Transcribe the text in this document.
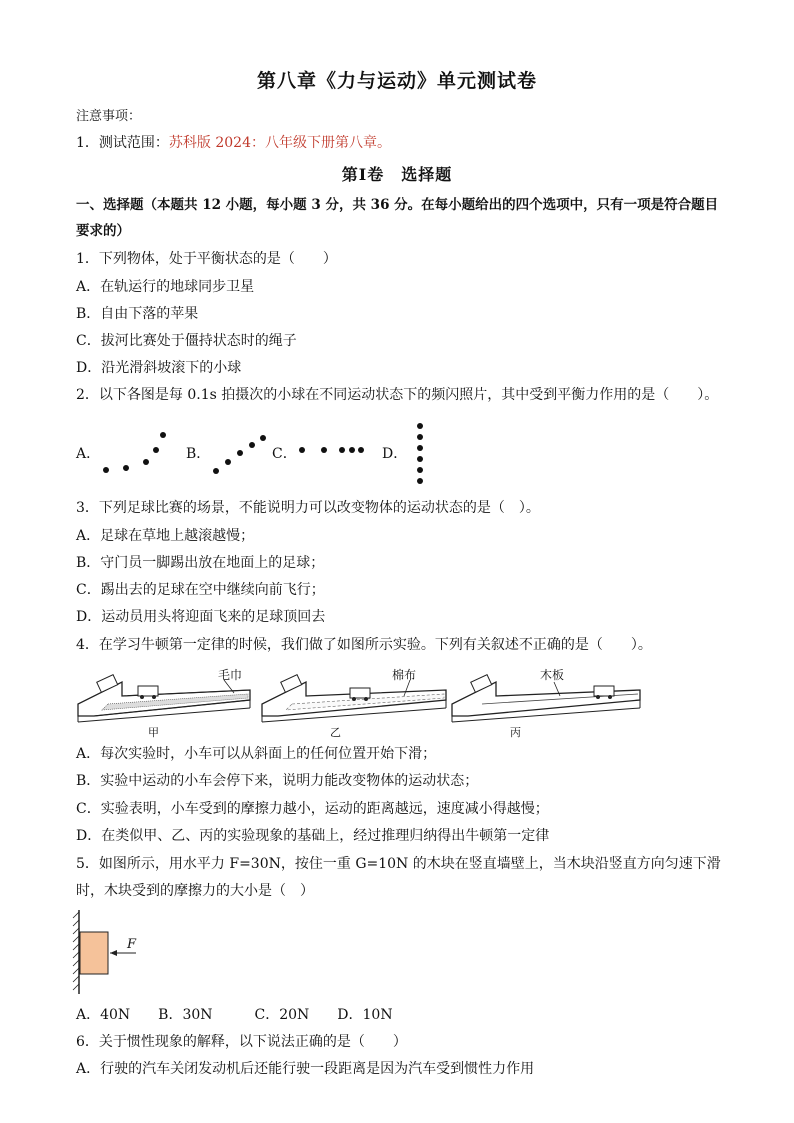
第八章《力与运动》单元测试卷
注意事项：
1．测试范围：苏科版 2024：八年级下册第八章。
第Ⅰ卷　选择题
一、选择题（本题共 12 小题，每小题 3 分，共 36 分。在每小题给出的四个选项中，只有一项是符合题目
要求的）
1．下列物体，处于平衡状态的是（　　）
A．在轨运行的地球同步卫星
B．自由下落的苹果
C．拔河比赛处于僵持状态时的绳子
D．沿光滑斜坡滚下的小球
2．以下各图是每 0.1s 拍摄次的小球在不同运动状态下的频闪照片，其中受到平衡力作用的是（　　）。
A．	B．	C．	D．
3．下列足球比赛的场景，不能说明力可以改变物体的运动状态的是（　）。
A．足球在草地上越滚越慢；
B．守门员一脚踢出放在地面上的足球；
C．踢出去的足球在空中继续向前飞行；
D．运动员用头将迎面飞来的足球顶回去
4．在学习牛顿第一定律的时候，我们做了如图所示实验。下列有关叙述不正确的是（　　）。
毛巾	棉布	木板
甲	乙	丙
A．每次实验时，小车可以从斜面上的任何位置开始下滑；
B．实验中运动的小车会停下来，说明力能改变物体的运动状态；
C．实验表明，小车受到的摩擦力越小，运动的距离越远，速度减小得越慢；
D．在类似甲、乙、丙的实验现象的基础上，经过推理归纳得出牛顿第一定律
5．如图所示，用水平力 F=30N，按住一重 G=10N 的木块在竖直墙壁上，当木块沿竖直方向匀速下滑
时，木块受到的摩擦力的大小是（　）
F
A．40N　　B．30N　　　C．20N　　D．10N
6．关于惯性现象的解释，以下说法正确的是（　　）
A．行驶的汽车关闭发动机后还能行驶一段距离是因为汽车受到惯性力作用
